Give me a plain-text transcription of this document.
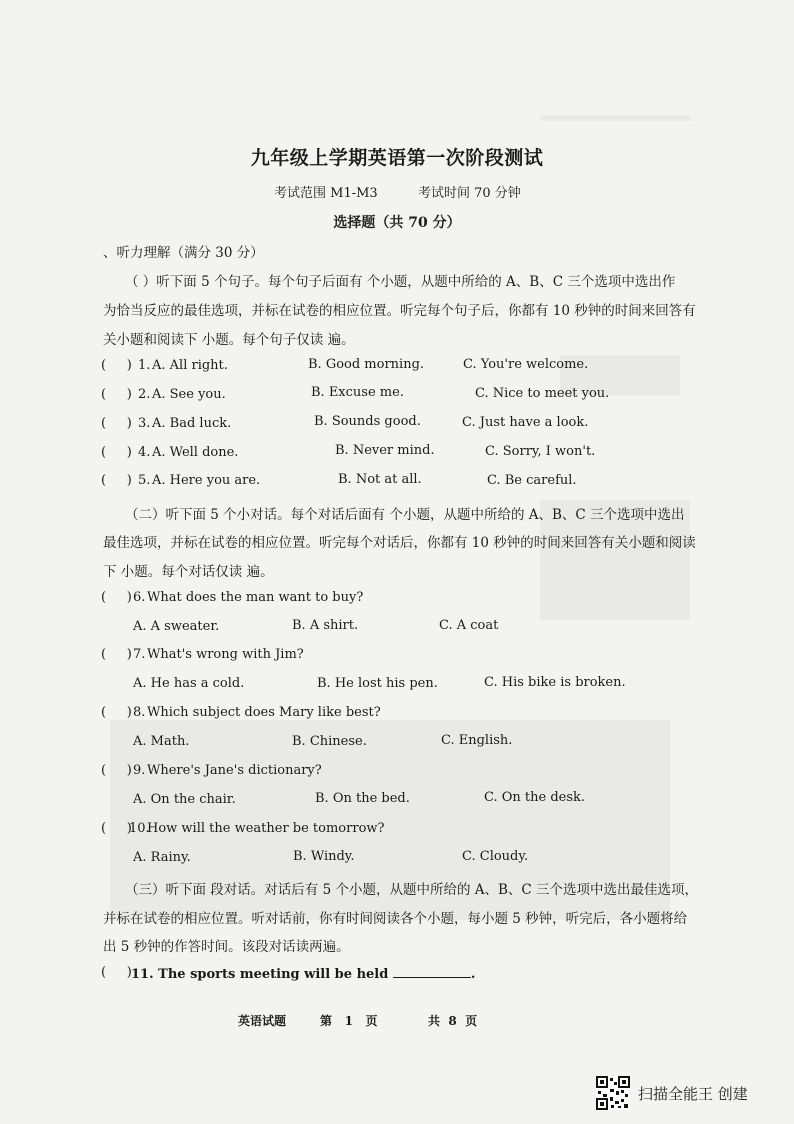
九年级上学期英语第一次阶段测试
考试范围 M1-M3	考试时间 70 分钟
选择题（共 70 分）
、听力理解（满分 30 分）
（ ）听下面 5 个句子。每个句子后面有 个小题，从题中所给的 A、B、C 三个选项中选出作
为恰当反应的最佳选项，并标在试卷的相应位置。听完每个句子后，你都有 10 秒钟的时间来回答有
关小题和阅读下 小题。每个句子仅读 遍。
(     ) 1. A. All right.	B. Good morning.	C. You're welcome.
(     ) 2. A. See you.	B. Excuse me.	C. Nice to meet you.
(     ) 3. A. Bad luck.	B. Sounds good.	C. Just have a look.
(     ) 4. A. Well done.	B. Never mind.	C. Sorry, I won't.
(     ) 5. A. Here you are.	B. Not at all.	C. Be careful.
（二）听下面 5 个小对话。每个对话后面有 个小题，从题中所给的 A、B、C 三个选项中选出
最佳选项，并标在试卷的相应位置。听完每个对话后，你都有 10 秒钟的时间来回答有关小题和阅读
下 小题。每个对话仅读 遍。
(     ) 6. What does the man want to buy?
A. A sweater.	B. A shirt.	C. A coat
(     ) 7. What's wrong with Jim?
A. He has a cold.	B. He lost his pen.	C. His bike is broken.
(     ) 8. Which subject does Mary like best?
A. Math.	B. Chinese.	C. English.
(     ) 9. Where's Jane's dictionary?
A. On the chair.	B. On the bed.	C. On the desk.
(     )
10.
How will the weather be tomorrow?
A. Rainy.	B. Windy.	C. Cloudy.
（三）听下面 段对话。对话后有 5 个小题，从题中所给的 A、B、C 三个选项中选出最佳选项，
并标在试卷的相应位置。听对话前，你有时间阅读各个小题，每小题 5 秒钟，听完后，各小题将给
出 5 秒钟的作答时间。该段对话读两遍。
(     ) 11. The sports meeting will be held	.
英语试题	第 1 页	共 8 页
扫描全能王 创建
